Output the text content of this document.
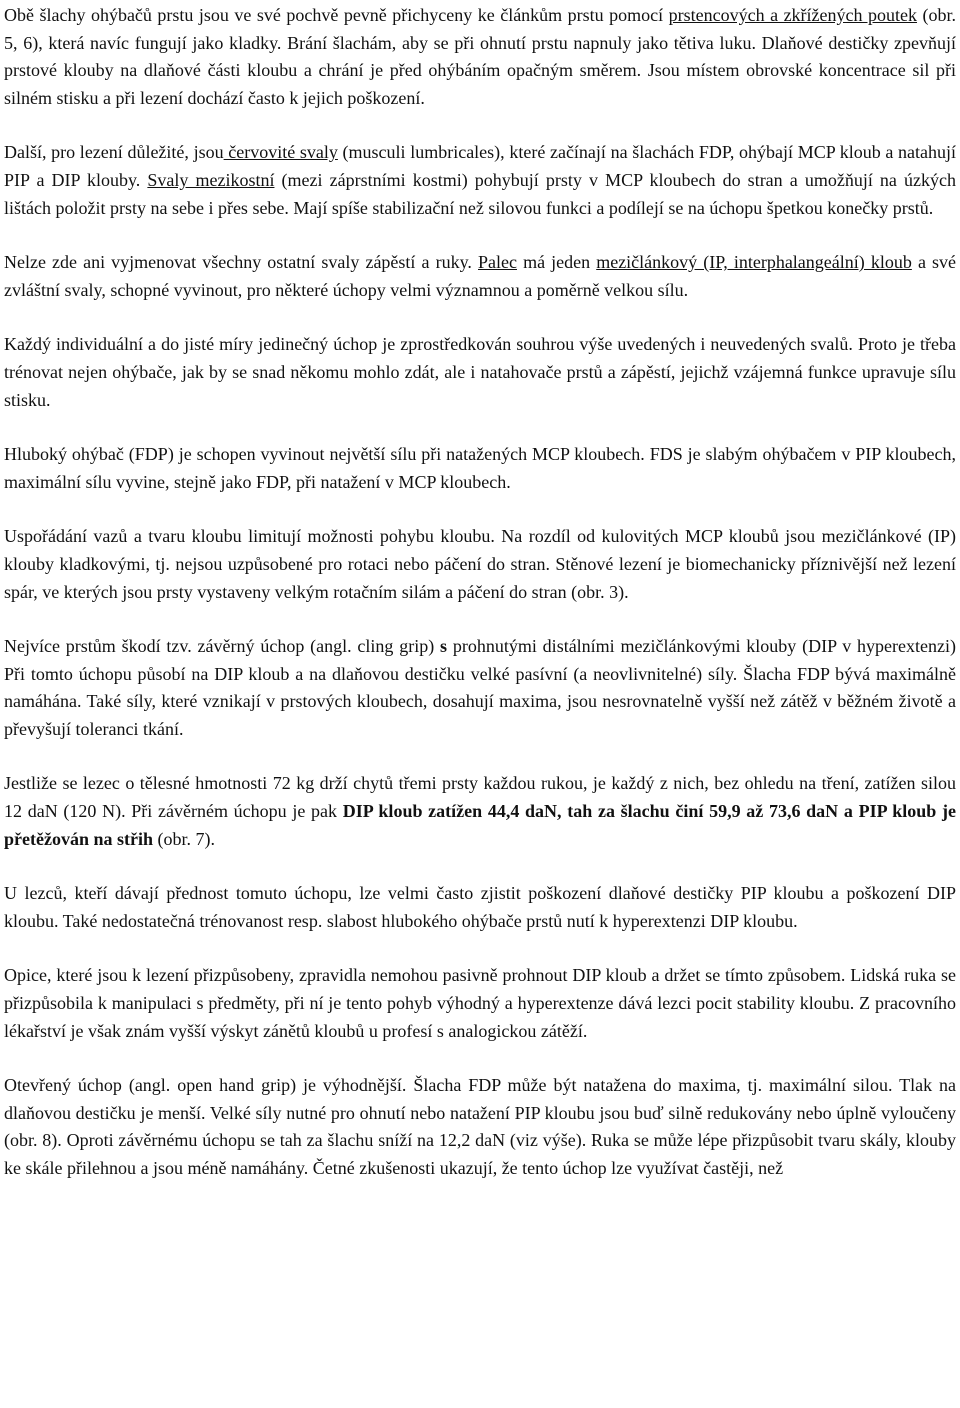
Obě šlachy ohýbačů prstu jsou ve své pochvě pevně přichyceny ke článkům prstu pomocí prstencových a zkřížených poutek (obr. 5, 6), která navíc fungují jako kladky. Brání šlachám, aby se při ohnutí prstu napnuly jako tětiva luku. Dlaňové destičky zpevňují prstové klouby na dlaňové části kloubu a chrání je před ohýbáním opačným směrem. Jsou místem obrovské koncentrace sil při silném stisku a při lezení dochází často k jejich poškození.

Další, pro lezení důležité, jsou červovité svaly (musculi lumbricales), které začínají na šlachách FDP, ohýbají MCP kloub a natahují PIP a DIP klouby. Svaly mezikostní (mezi záprstními kostmi) pohybují prsty v MCP kloubech do stran a umožňují na úzkých lištách položit prsty na sebe i přes sebe. Mají spíše stabilizační než silovou funkci a podílejí se na úchopu špetkou konečky prstů.

Nelze zde ani vyjmenovat všechny ostatní svaly zápěstí a ruky. Palec má jeden mezičlánkový (IP, interphalangeální) kloub a své zvláštní svaly, schopné vyvinout, pro některé úchopy velmi významnou a poměrně velkou sílu.

Každý individuální a do jisté míry jedinečný úchop je zprostředkován souhrou výše uvedených i neuvedených svalů. Proto je třeba trénovat nejen ohýbače, jak by se snad někomu mohlo zdát, ale i natahovače prstů a zápěstí, jejichž vzájemná funkce upravuje sílu stisku.

Hluboký ohýbač (FDP) je schopen vyvinout největší sílu při natažených MCP kloubech. FDS je slabým ohýbačem v PIP kloubech, maximální sílu vyvine, stejně jako FDP, při natažení v MCP kloubech.

Uspořádání vazů a tvaru kloubu limitují možnosti pohybu kloubu. Na rozdíl od kulovitých MCP kloubů jsou mezičlánkové (IP) klouby kladkovými, tj. nejsou uzpůsobené pro rotaci nebo páčení do stran. Stěnové lezení je biomechanicky příznivější než lezení spár, ve kterých jsou prsty vystaveny velkým rotačním silám a páčení do stran (obr. 3).

Nejvíce prstům škodí tzv. závěrný úchop (angl. cling grip) s prohnutými distálními mezičlánkovými klouby (DIP v hyperextenzi) Při tomto úchopu působí na DIP kloub a na dlaňovou destičku velké pasívní (a neovlivnitelné) síly. Šlacha FDP bývá maximálně namáhána. Také síly, které vznikají v prstových kloubech, dosahují maxima, jsou nesrovnatelně vyšší než zátěž v běžném životě a převyšují toleranci tkání.

Jestliže se lezec o tělesné hmotnosti 72 kg drží chytů třemi prsty každou rukou, je každý z nich, bez ohledu na tření, zatížen silou 12 daN (120 N). Při závěrném úchopu je pak DIP kloub zatížen 44,4 daN, tah za šlachu činí 59,9 až 73,6 daN a PIP kloub je přetěžován na střih (obr. 7).

U lezců, kteří dávají přednost tomuto úchopu, lze velmi často zjistit poškození dlaňové destičky PIP kloubu a poškození DIP kloubu. Také nedostatečná trénovanost resp. slabost hlubokého ohýbače prstů nutí k hyperextenzi DIP kloubu.

Opice, které jsou k lezení přizpůsobeny, zpravidla nemohou pasivně prohnout DIP kloub a držet se tímto způsobem. Lidská ruka se přizpůsobila k manipulaci s předměty, při ní je tento pohyb výhodný a hyperextenze dává lezci pocit stability kloubu. Z pracovního lékařství je však znám vyšší výskyt zánětů kloubů u profesí s analogickou zátěží.

Otevřený úchop (angl. open hand grip) je výhodnější. Šlacha FDP může být natažena do maxima, tj. maximální silou. Tlak na dlaňovou destičku je menší. Velké síly nutné pro ohnutí nebo natažení PIP kloubu jsou buď silně redukovány nebo úplně vyloučeny (obr. 8). Oproti závěrnému úchopu se tah za šlachu sníží na 12,2 daN (viz výše). Ruka se může lépe přizpůsobit tvaru skály, klouby ke skále přilehnou a jsou méně namáhány. Četné zkušenosti ukazují, že tento úchop lze využívat častěji, než
